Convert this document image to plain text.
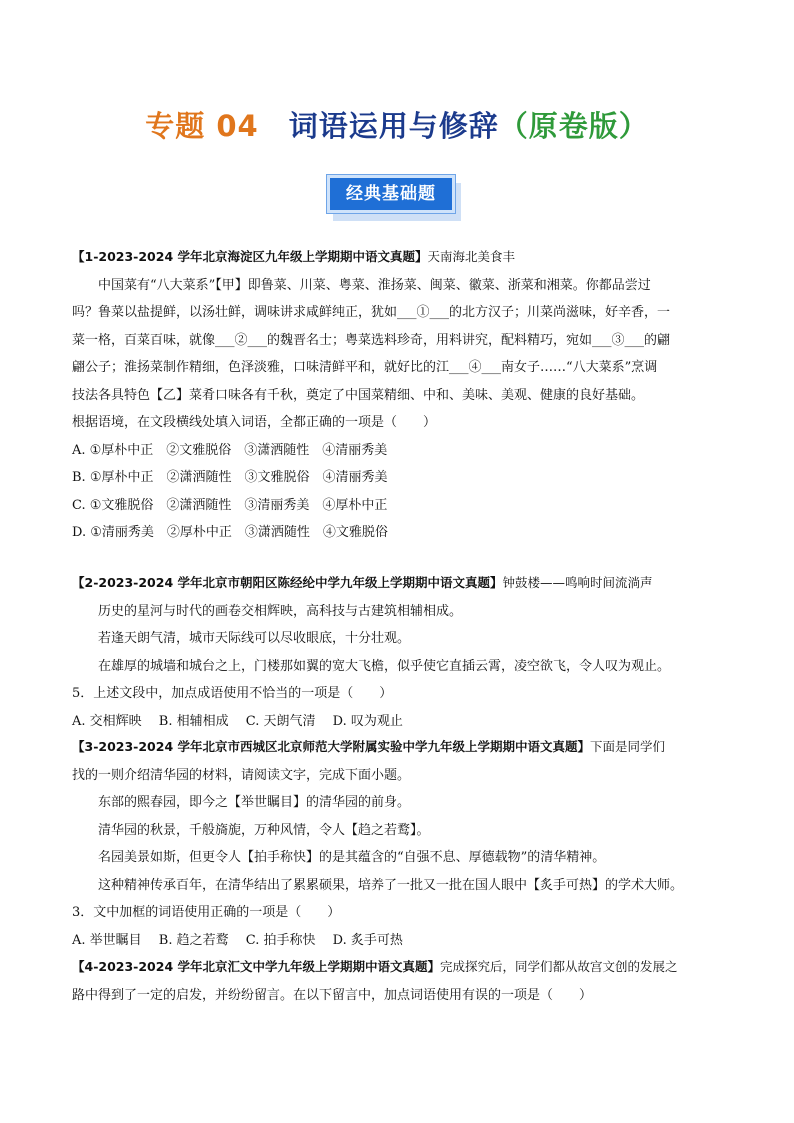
专题 04 词语运用与修辞（原卷版）
经典基础题

【1-2023-2024 学年北京海淀区九年级上学期期中语文真题】天南海北美食丰

中国菜有“八大菜系”【甲】即鲁菜、川菜、粤菜、淮扬菜、闽菜、徽菜、浙菜和湘菜。你都品尝过

吗？鲁菜以盐提鲜，以汤壮鲜，调味讲求咸鲜纯正，犹如___①___的北方汉子；川菜尚滋味，好辛香，一

菜一格，百菜百味，就像___②___的魏晋名士；粤菜选料珍奇，用料讲究，配料精巧，宛如___③___的翩

翩公子；淮扬菜制作精细，色泽淡雅，口味清鲜平和，就好比的江___④___南女子……“八大菜系”烹调

技法各具特色【乙】菜肴口味各有千秋，奠定了中国菜精细、中和、美味、美观、健康的良好基础。

根据语境，在文段横线处填入词语，全都正确的一项是（　　）

A. ①厚朴中正　②文雅脱俗　③潇洒随性　④清丽秀美

B. ①厚朴中正　②潇洒随性　③文雅脱俗　④清丽秀美

C. ①文雅脱俗　②潇洒随性　③清丽秀美　④厚朴中正

D. ①清丽秀美　②厚朴中正　③潇洒随性　④文雅脱俗

【2-2023-2024 学年北京市朝阳区陈经纶中学九年级上学期期中语文真题】钟鼓楼——鸣响时间流淌声

历史的星河与时代的画卷交相辉映，高科技与古建筑相辅相成。

若逢天朗气清，城市天际线可以尽收眼底，十分壮观。

在雄厚的城墙和城台之上，门楼那如翼的宽大飞檐，似乎使它直插云霄，凌空欲飞，令人叹为观止。

5．上述文段中，加点成语使用不恰当的一项是（　　）

A. 交相辉映　 B. 相辅相成　 C. 天朗气清　 D. 叹为观止

【3-2023-2024 学年北京市西城区北京师范大学附属实验中学九年级上学期期中语文真题】下面是同学们

找的一则介绍清华园的材料，请阅读文字，完成下面小题。

东部的熙春园，即今之【举世瞩目】的清华园的前身。

清华园的秋景，千般旖旎，万种风情，令人【趋之若鹜】。

名园美景如斯，但更令人【拍手称快】的是其蕴含的“自强不息、厚德载物”的清华精神。

这种精神传承百年，在清华结出了累累硕果，培养了一批又一批在国人眼中【炙手可热】的学术大师。

3．文中加框的词语使用正确的一项是（　　）

A. 举世瞩目　 B. 趋之若鹜　 C. 拍手称快　 D. 炙手可热

【4-2023-2024 学年北京汇文中学九年级上学期期中语文真题】完成探究后，同学们都从故宫文创的发展之

路中得到了一定的启发，并纷纷留言。在以下留言中，加点词语使用有误的一项是（　　）
